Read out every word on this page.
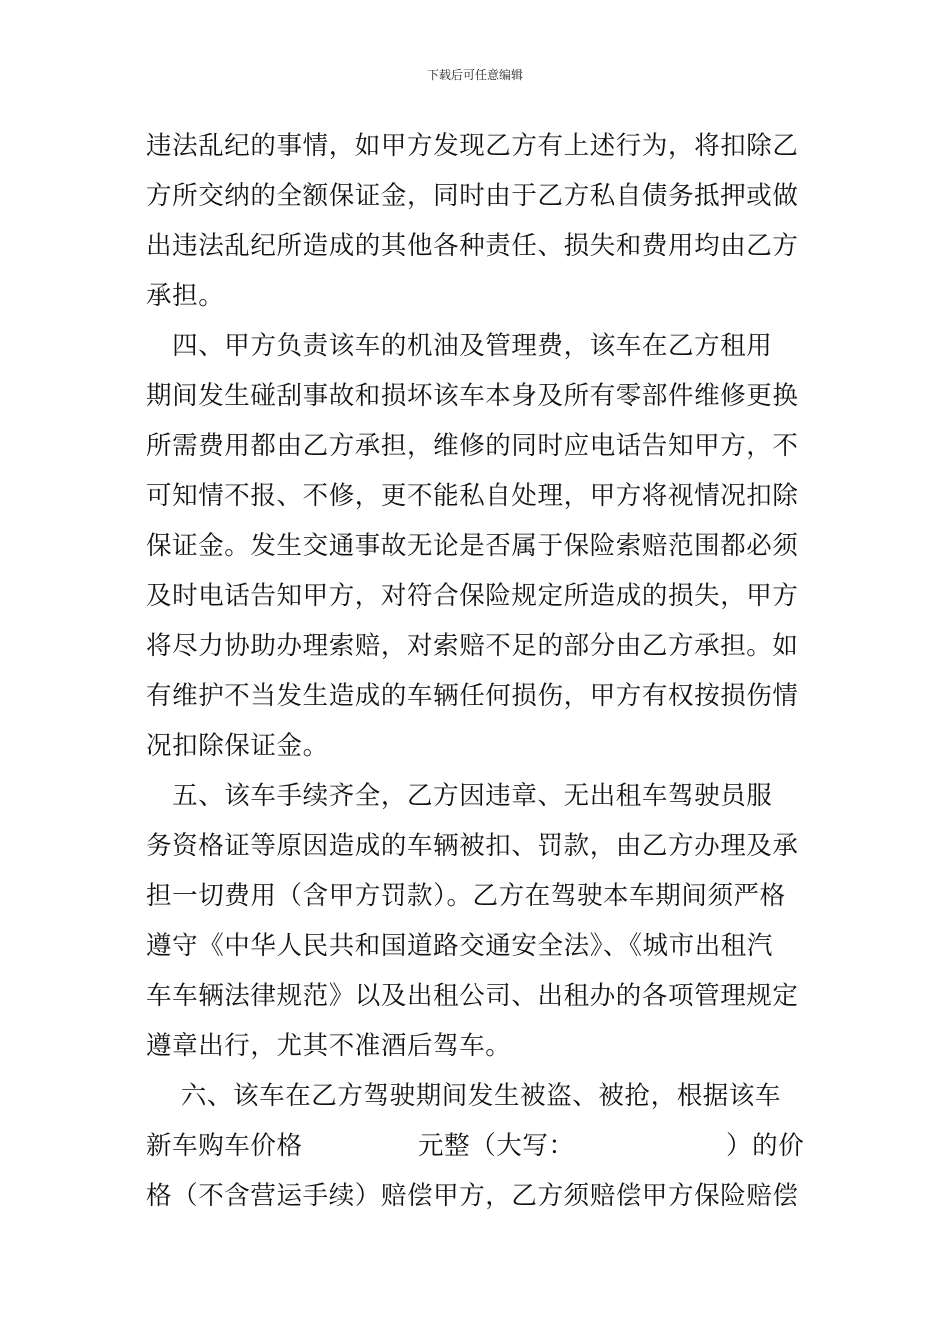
下载后可任意编辑
违法乱纪的事情，如甲方发现乙方有上述行为，将扣除乙
方所交纳的全额保证金，同时由于乙方私自债务抵押或做
出违法乱纪所造成的其他各种责任、损失和费用均由乙方
承担。
　四、甲方负责该车的机油及管理费，该车在乙方租用
期间发生碰刮事故和损坏该车本身及所有零部件维修更换
所需费用都由乙方承担，维修的同时应电话告知甲方，不
可知情不报、不修，更不能私自处理，甲方将视情况扣除
保证金。发生交通事故无论是否属于保险索赔范围都必须
及时电话告知甲方，对符合保险规定所造成的损失，甲方
将尽力协助办理索赔，对索赔不足的部分由乙方承担。如
有维护不当发生造成的车辆任何损伤，甲方有权按损伤情
况扣除保证金。
　五、该车手续齐全，乙方因违章、无出租车驾驶员服
务资格证等原因造成的车辆被扣、罚款，由乙方办理及承
担一切费用（含甲方罚款）。乙方在驾驶本车期间须严格
遵守《中华人民共和国道路交通安全法》、《城市出租汽
车车辆法律规范》以及出租公司、出租办的各项管理规定
遵章出行，尤其不准酒后驾车。
　 六、该车在乙方驾驶期间发生被盗、被抢，根据该车
新车购车价格	元整（大写：	）的价
格（不含营运手续）赔偿甲方，乙方须赔偿甲方保险赔偿
